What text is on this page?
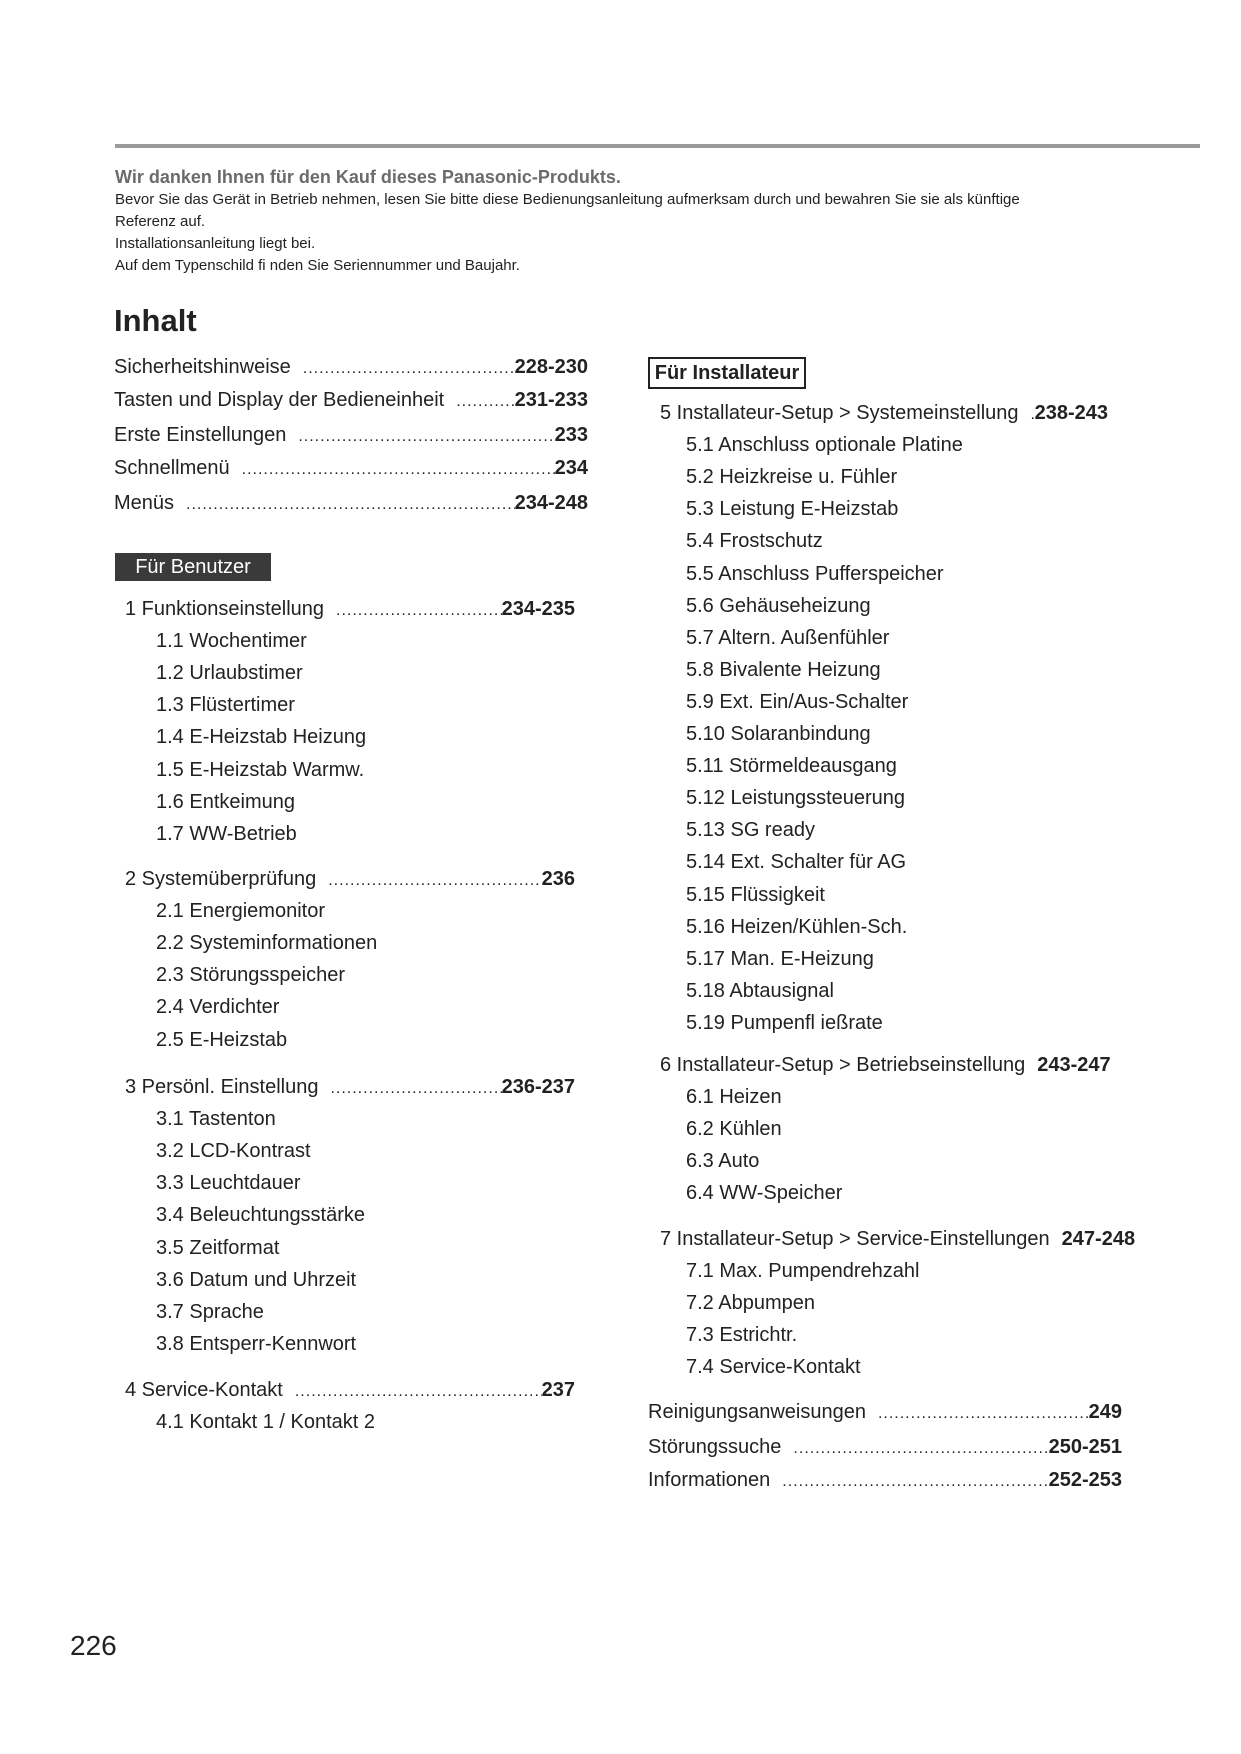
Wir danken Ihnen für den Kauf dieses Panasonic-Produkts.
Bevor Sie das Gerät in Betrieb nehmen, lesen Sie bitte diese Bedienungsanleitung aufmerksam durch und bewahren Sie sie als künftige
Referenz auf.
Installationsanleitung liegt bei.
Auf dem Typenschild fi nden Sie Seriennummer und Baujahr.
Inhalt
Sicherheitshinweise .....	228-230
Tasten und Display der Bedieneinheit .....	231-233
Erste Einstellungen .....	233
Schnellmenü .....	234
Menüs .....	234-248
1 Funktionseinstellung .....	234-235
1.1 Wochentimer
1.2 Urlaubstimer
1.3 Flüstertimer
1.4 E-Heizstab Heizung
1.5 E-Heizstab Warmw.
1.6 Entkeimung
1.7 WW-Betrieb
2 Systemüberprüfung .....	236
2.1 Energiemonitor
2.2 Systeminformationen
2.3 Störungsspeicher
2.4 Verdichter
2.5 E-Heizstab
3 Persönl. Einstellung .....	236-237
3.1 Tastenton
3.2 LCD-Kontrast
3.3 Leuchtdauer
3.4 Beleuchtungsstärke
3.5 Zeitformat
3.6 Datum und Uhrzeit
3.7 Sprache
3.8 Entsperr-Kennwort
4 Service-Kontakt .....	237
4.1 Kontakt 1 / Kontakt 2
5 Installateur-Setup > Systemeinstellung ..... 238-243
5.1 Anschluss optionale Platine
5.2 Heizkreise u. Fühler
5.3 Leistung E-Heizstab
5.4 Frostschutz
5.5 Anschluss Pufferspeicher
5.6 Gehäuseheizung
5.7 Altern. Außenfühler
5.8 Bivalente Heizung
5.9 Ext. Ein/Aus-Schalter
5.10 Solaranbindung
5.11 Störmeldeausgang
5.12 Leistungssteuerung
5.13 SG ready
5.14 Ext. Schalter für AG
5.15 Flüssigkeit
5.16 Heizen/Kühlen-Sch.
5.17 Man. E-Heizung
5.18 Abtausignal
5.19 Pumpenfl ießrate
6 Installateur-Setup > Betriebseinstellung 243-247
6.1 Heizen
6.2 Kühlen
6.3 Auto
6.4 WW-Speicher
7 Installateur-Setup > Service-Einstellungen 247-248
7.1 Max. Pumpendrehzahl
7.2 Abpumpen
7.3 Estrichtr.
7.4 Service-Kontakt
Reinigungsanweisungen .....	249
Störungssuche .....	250-251
Informationen .....	252-253
Für Benutzer
Für Installateur
226
